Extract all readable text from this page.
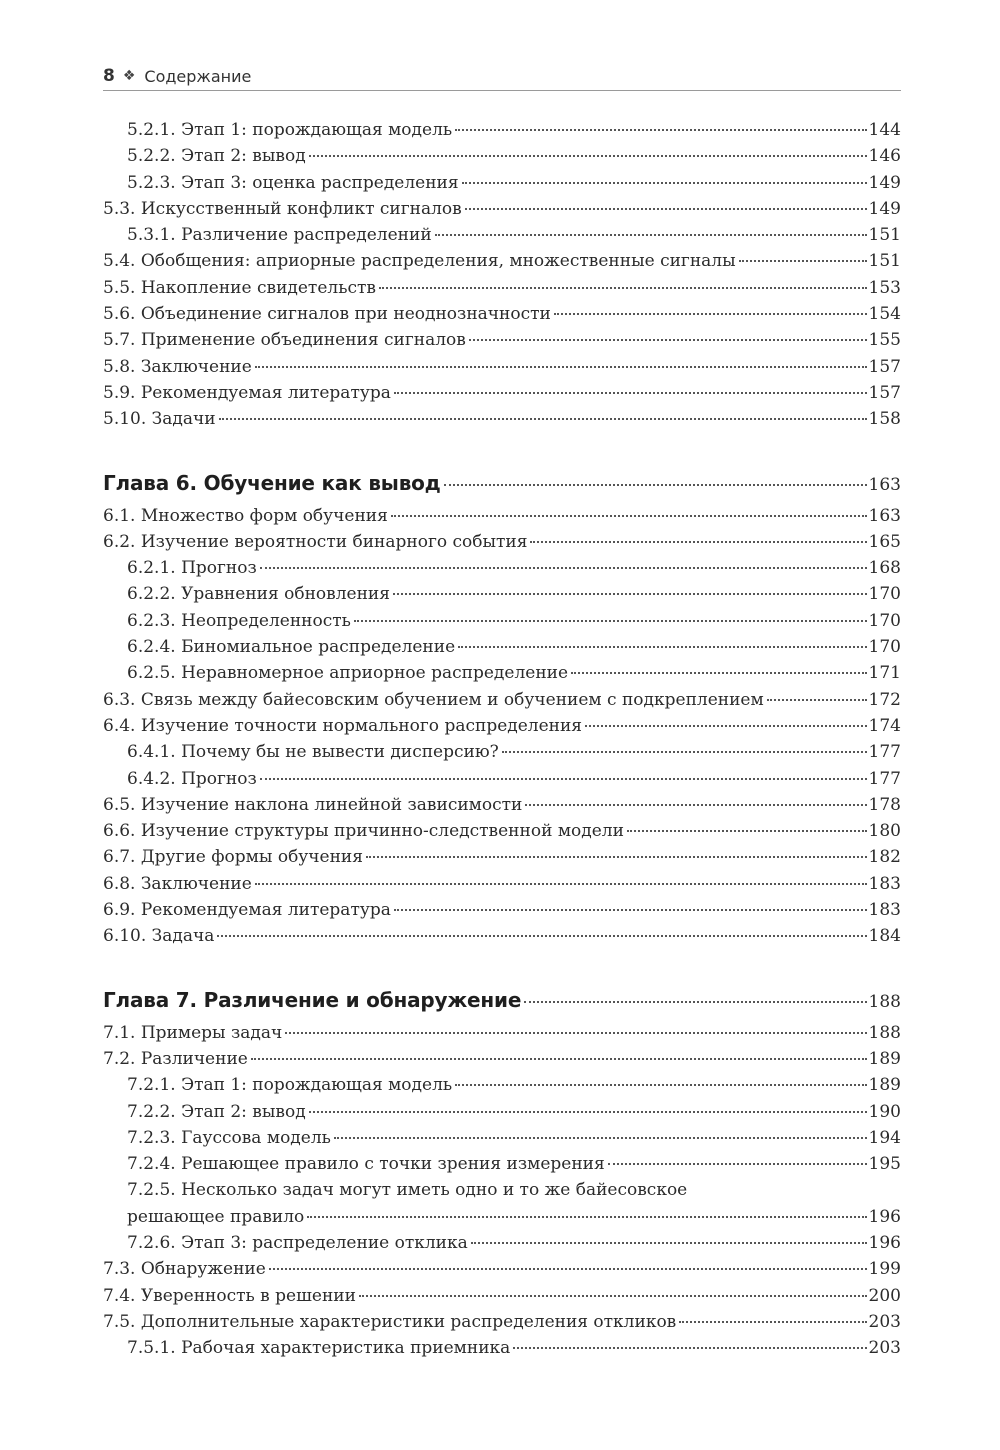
8 ❖ Содержание
5.2.1. Этап 1: порождающая модель	144
5.2.2. Этап 2: вывод	146
5.2.3. Этап 3: оценка распределения	149
5.3. Искусственный конфликт сигналов	149
5.3.1. Различение распределений	151
5.4. Обобщения: априорные распределения, множественные сигналы	151
5.5. Накопление свидетельств	153
5.6. Объединение сигналов при неоднозначности	154
5.7. Применение объединения сигналов	155
5.8. Заключение	157
5.9. Рекомендуемая литература	157
5.10. Задачи	158
Глава 6. Обучение как вывод	163
6.1. Множество форм обучения	163
6.2. Изучение вероятности бинарного события	165
6.2.1. Прогноз	168
6.2.2. Уравнения обновления	170
6.2.3. Неопределенность	170
6.2.4. Биномиальное распределение	170
6.2.5. Неравномерное априорное распределение	171
6.3. Связь между байесовским обучением и обучением с подкреплением	172
6.4. Изучение точности нормального распределения	174
6.4.1. Почему бы не вывести дисперсию?	177
6.4.2. Прогноз	177
6.5. Изучение наклона линейной зависимости	178
6.6. Изучение структуры причинно-следственной модели	180
6.7. Другие формы обучения	182
6.8. Заключение	183
6.9. Рекомендуемая литература	183
6.10. Задача	184
Глава 7. Различение и обнаружение	188
7.1. Примеры задач	188
7.2. Различение	189
7.2.1. Этап 1: порождающая модель	189
7.2.2. Этап 2: вывод	190
7.2.3. Гауссова модель	194
7.2.4. Решающее правило с точки зрения измерения	195
7.2.5. Несколько задач могут иметь одно и то же байесовское
решающее правило	196
7.2.6. Этап 3: распределение отклика	196
7.3. Обнаружение	199
7.4. Уверенность в решении	200
7.5. Дополнительные характеристики распределения откликов	203
7.5.1. Рабочая характеристика приемника	203
